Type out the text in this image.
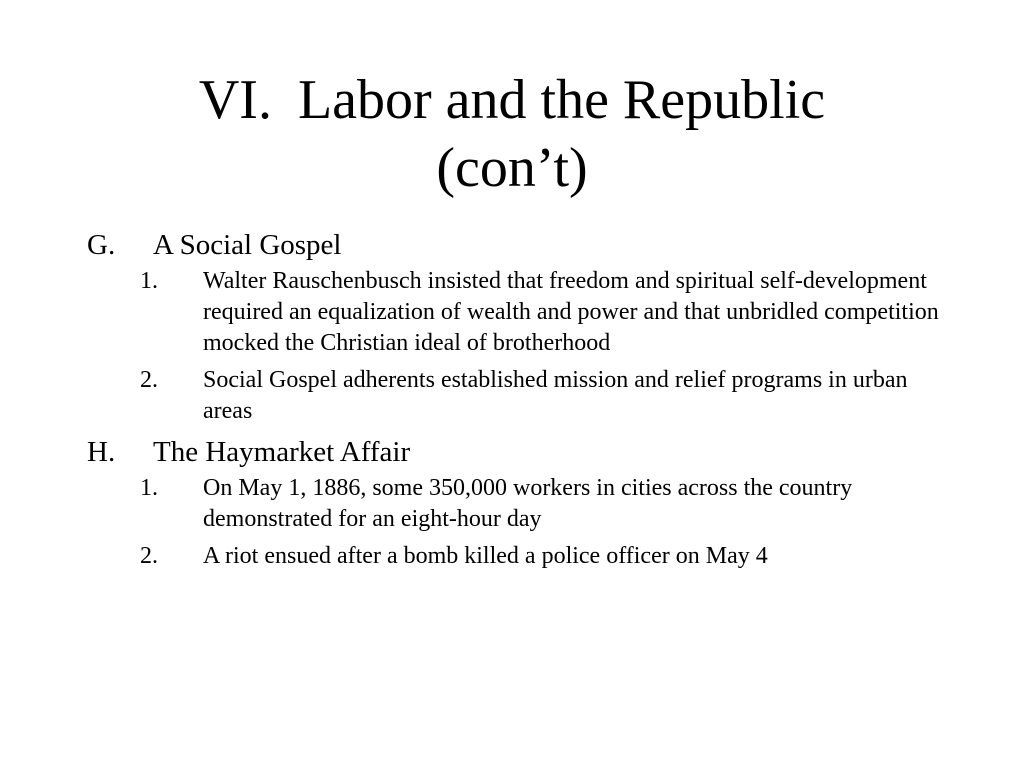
VI. Labor and the Republic
(con’t)
G. A Social Gospel
1. Walter Rauschenbusch insisted that freedom and spiritual self-development required an equalization of wealth and power and that unbridled competition mocked the Christian ideal of brotherhood
2. Social Gospel adherents established mission and relief programs in urban areas
H. The Haymarket Affair
1. On May 1, 1886, some 350,000 workers in cities across the country demonstrated for an eight-hour day
2. A riot ensued after a bomb killed a police officer on May 4
